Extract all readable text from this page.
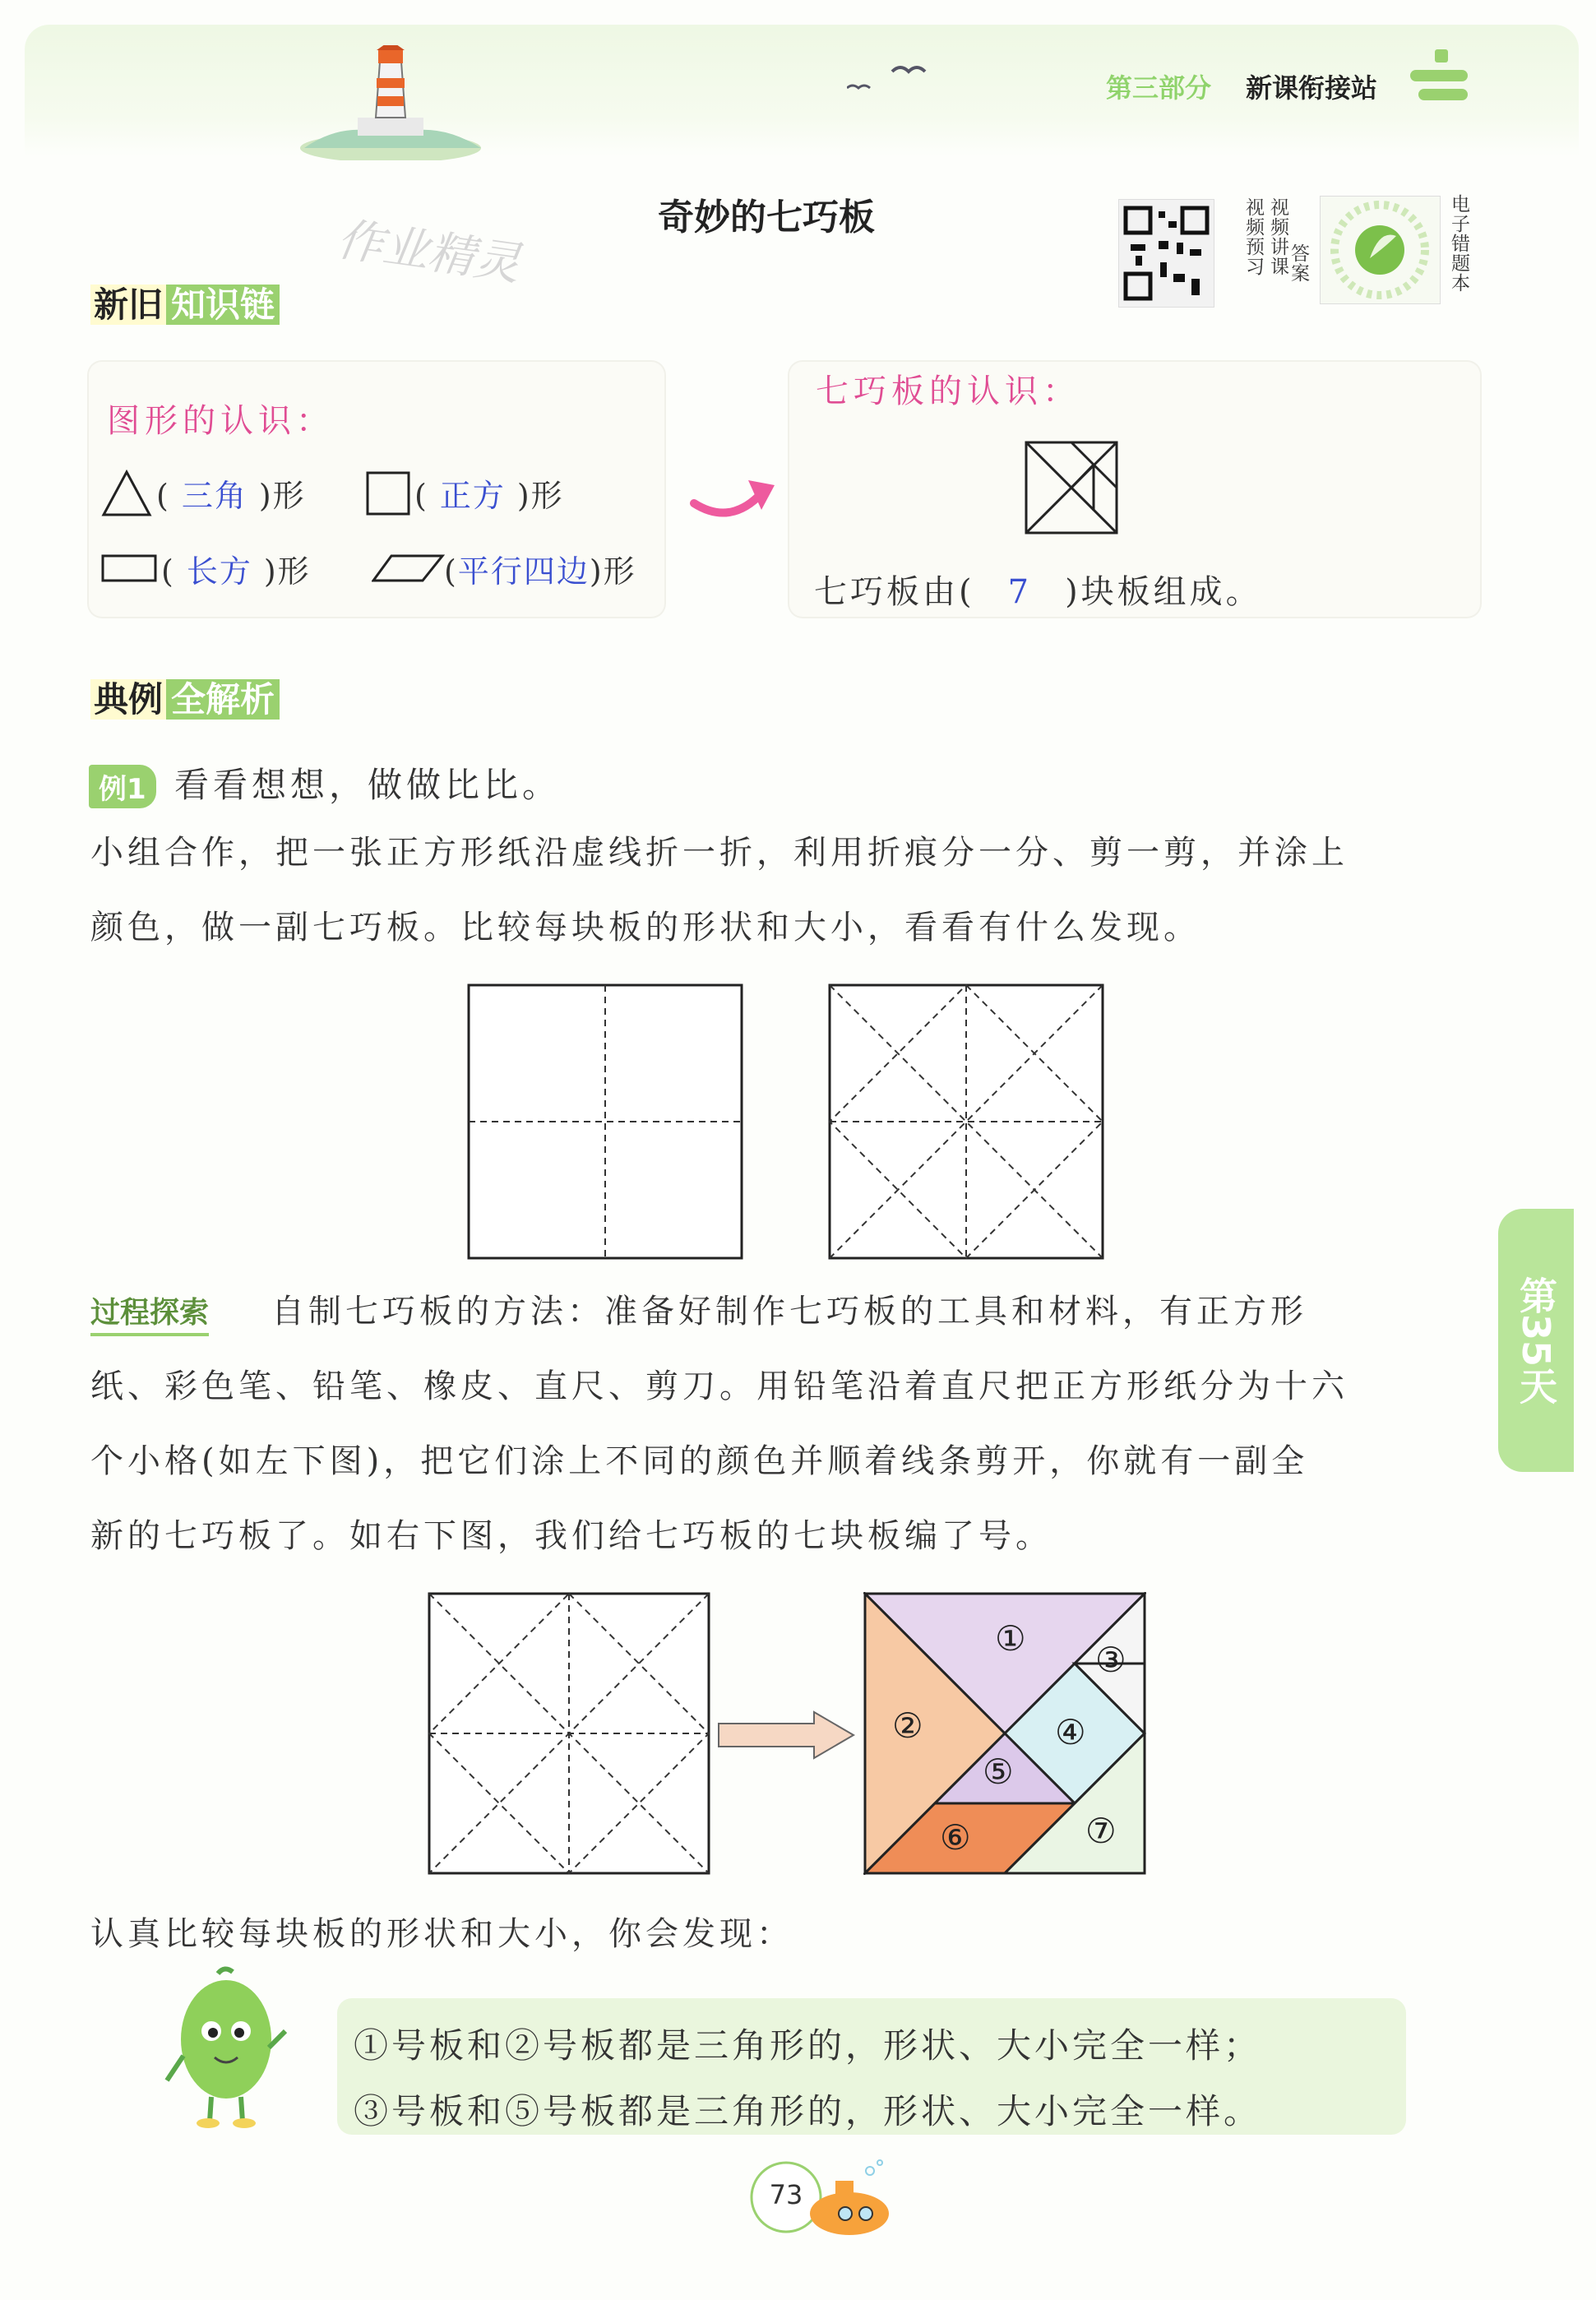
第三部分 新课衔接站
奇妙的七巧板
作业精灵	视频预习 视频讲课 答案	电子错题本
新旧 知识链
图形的认识：
( 三角 )形	( 正方 )形
( 长方 )形	(平行四边)形
七巧板的认识：
七巧板由( 7 )块板组成。
典例 全解析
例1 看看想想，做做比比。
小组合作，把一张正方形纸沿虚线折一折，利用折痕分一分、剪一剪，并涂上
颜色，做一副七巧板。比较每块板的形状和大小，看看有什么发现。
过程探索 自制七巧板的方法：准备好制作七巧板的工具和材料，有正方形
纸、彩色笔、铅笔、橡皮、直尺、剪刀。用铅笔沿着直尺把正方形纸分为十六
个小格(如左下图)，把它们涂上不同的颜色并顺着线条剪开，你就有一副全
新的七巧板了。如右下图，我们给七巧板的七块板编了号。
①
②
③
④
⑤
⑥	⑦
认真比较每块板的形状和大小，你会发现：
①号板和②号板都是三角形的，形状、大小完全一样；
③号板和⑤号板都是三角形的，形状、大小完全一样。
第35天
73
